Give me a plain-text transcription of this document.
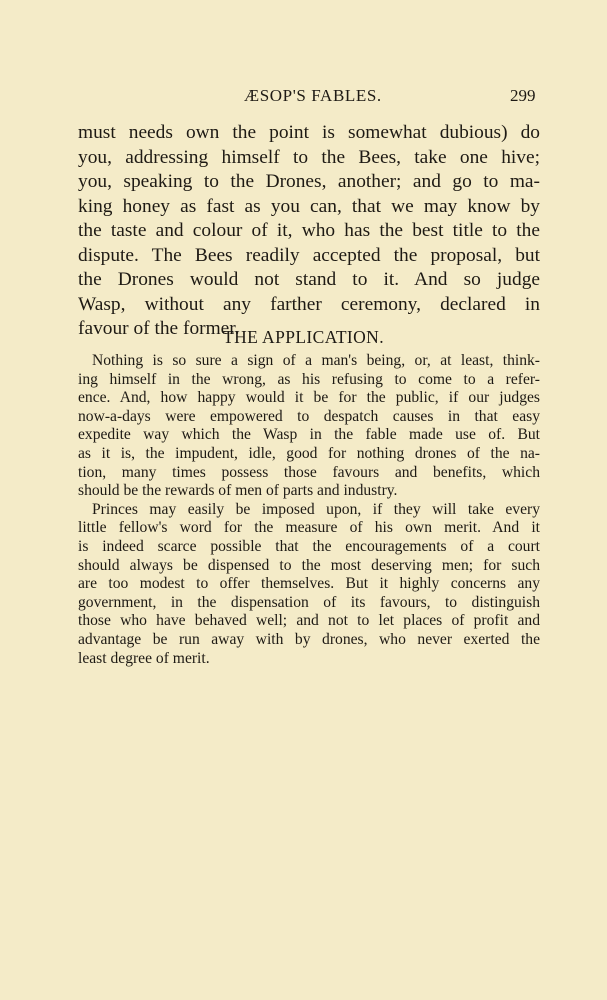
ÆSOP'S FABLES.	299
must needs own the point is somewhat dubious) do
you, addressing himself to the Bees, take one hive;
you, speaking to the Drones, another; and go to ma-
king honey as fast as you can, that we may know by
the taste and colour of it, who has the best title to the
dispute. The Bees readily accepted the proposal, but
the Drones would not stand to it. And so judge
Wasp, without any farther ceremony, declared in
favour of the former.
THE APPLICATION.
Nothing is so sure a sign of a man's being, or, at least, think-
ing himself in the wrong, as his refusing to come to a refer-
ence. And, how happy would it be for the public, if our judges
now-a-days were empowered to despatch causes in that easy
expedite way which the Wasp in the fable made use of. But
as it is, the impudent, idle, good for nothing drones of the na-
tion, many times possess those favours and benefits, which
should be the rewards of men of parts and industry.
Princes may easily be imposed upon, if they will take every
little fellow's word for the measure of his own merit. And it
is indeed scarce possible that the encouragements of a court
should always be dispensed to the most deserving men; for such
are too modest to offer themselves. But it highly concerns any
government, in the dispensation of its favours, to distinguish
those who have behaved well; and not to let places of profit and
advantage be run away with by drones, who never exerted the
least degree of merit.
